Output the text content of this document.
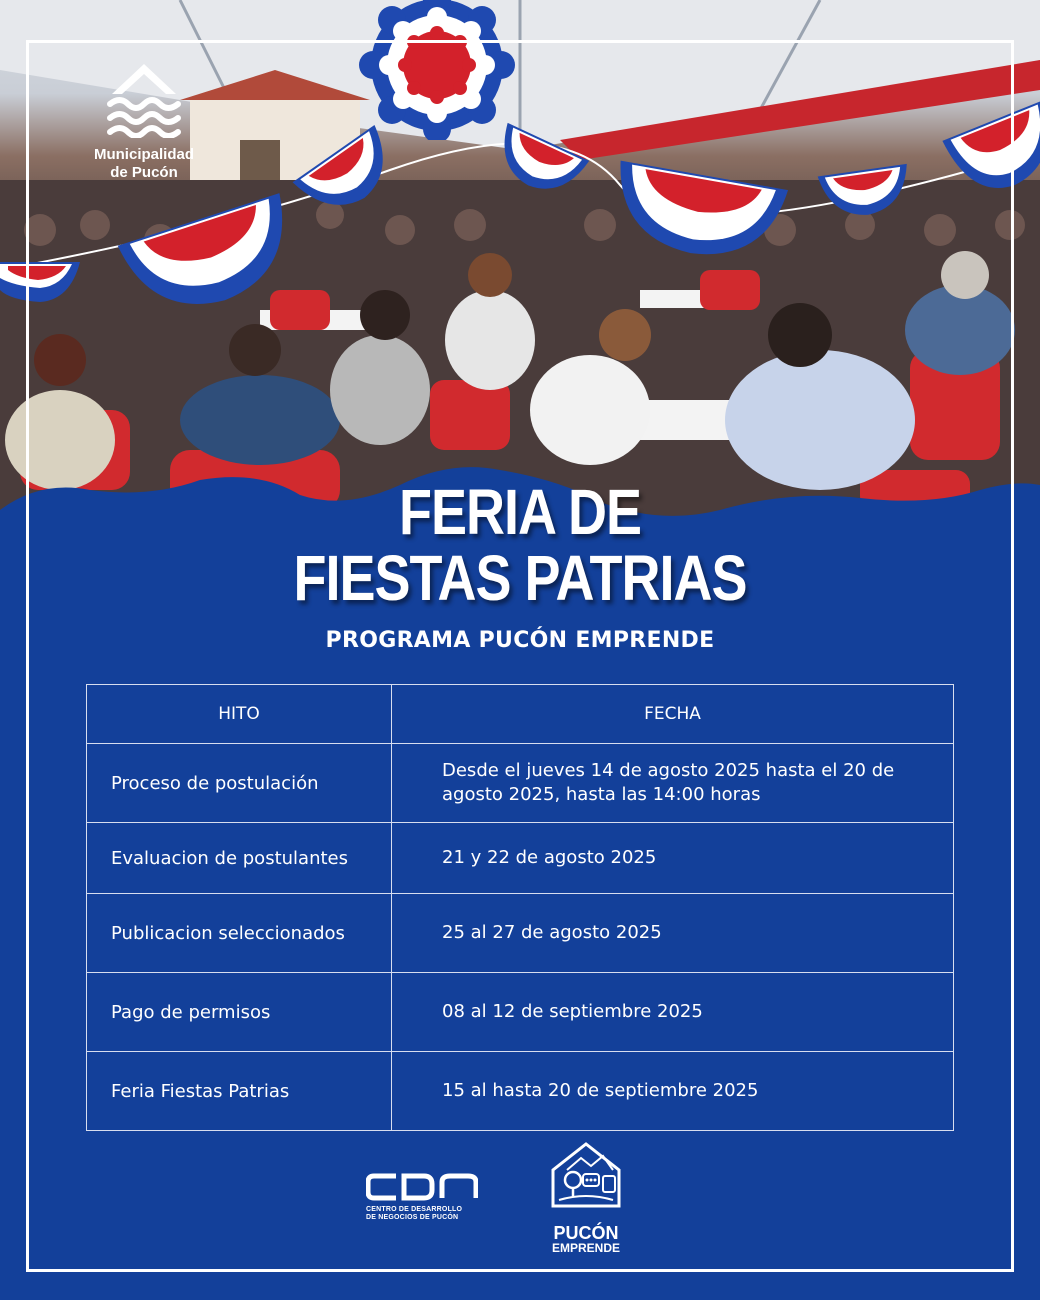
Municipalidad
de Pucón
FERIA DE
FIESTAS PATRIAS
PROGRAMA PUCÓN EMPRENDE
HITO	FECHA
Proceso de postulación	Desde el jueves 14 de agosto 2025 hasta el 20 de agosto 2025, hasta las 14:00 horas
Evaluacion de postulantes	21 y 22 de agosto 2025
Publicacion seleccionados	25 al 27 de agosto 2025
Pago de permisos	08 al 12 de septiembre 2025
Feria Fiestas Patrias	15 al hasta 20 de septiembre 2025
CENTRO DE DESARROLLO
DE NEGOCIOS DE PUCÓN
PUCÓN
EMPRENDE
